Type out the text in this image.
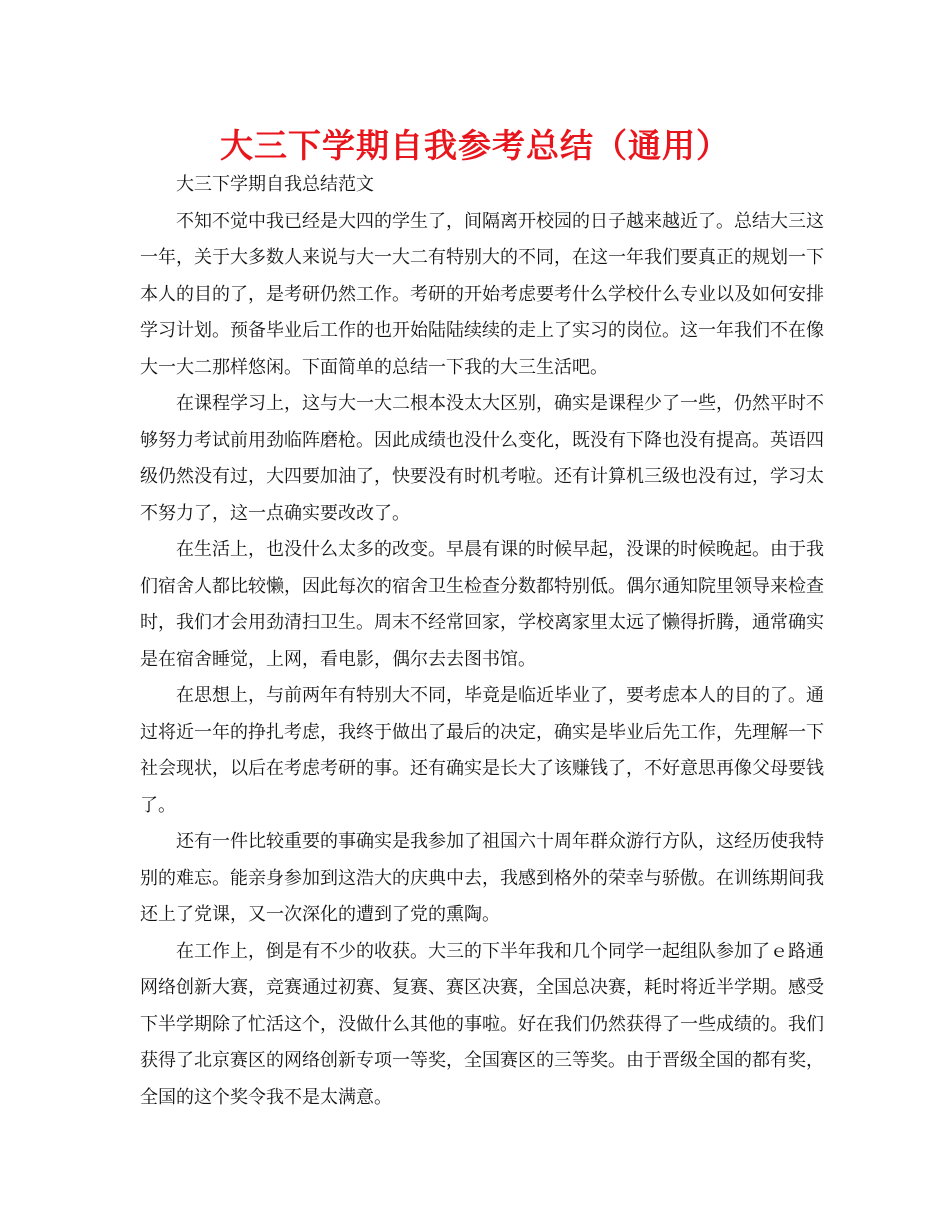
大三下学期自我参考总结（通用）

大三下学期自我总结范文

不知不觉中我已经是大四的学生了，间隔离开校园的日子越来越近了。总结大三这一年，关于大多数人来说与大一大二有特别大的不同，在这一年我们要真正的规划一下本人的目的了，是考研仍然工作。考研的开始考虑要考什么学校什么专业以及如何安排学习计划。预备毕业后工作的也开始陆陆续续的走上了实习的岗位。这一年我们不在像大一大二那样悠闲。下面简单的总结一下我的大三生活吧。

在课程学习上，这与大一大二根本没太大区别，确实是课程少了一些，仍然平时不够努力考试前用劲临阵磨枪。因此成绩也没什么变化，既没有下降也没有提高。英语四级仍然没有过，大四要加油了，快要没有时机考啦。还有计算机三级也没有过，学习太不努力了，这一点确实要改改了。

在生活上，也没什么太多的改变。早晨有课的时候早起，没课的时候晚起。由于我们宿舍人都比较懒，因此每次的宿舍卫生检查分数都特别低。偶尔通知院里领导来检查时，我们才会用劲清扫卫生。周末不经常回家，学校离家里太远了懒得折腾，通常确实是在宿舍睡觉，上网，看电影，偶尔去去图书馆。

在思想上，与前两年有特别大不同，毕竟是临近毕业了，要考虑本人的目的了。通过将近一年的挣扎考虑，我终于做出了最后的决定，确实是毕业后先工作，先理解一下社会现状，以后在考虑考研的事。还有确实是长大了该赚钱了，不好意思再像父母要钱了。

还有一件比较重要的事确实是我参加了祖国六十周年群众游行方队，这经历使我特别的难忘。能亲身参加到这浩大的庆典中去，我感到格外的荣幸与骄傲。在训练期间我还上了党课，又一次深化的遭到了党的熏陶。

在工作上，倒是有不少的收获。大三的下半年我和几个同学一起组队参加了ｅ路通网络创新大赛，竞赛通过初赛、复赛、赛区决赛，全国总决赛，耗时将近半学期。感受下半学期除了忙活这个，没做什么其他的事啦。好在我们仍然获得了一些成绩的。我们获得了北京赛区的网络创新专项一等奖，全国赛区的三等奖。由于晋级全国的都有奖，全国的这个奖令我不是太满意。
